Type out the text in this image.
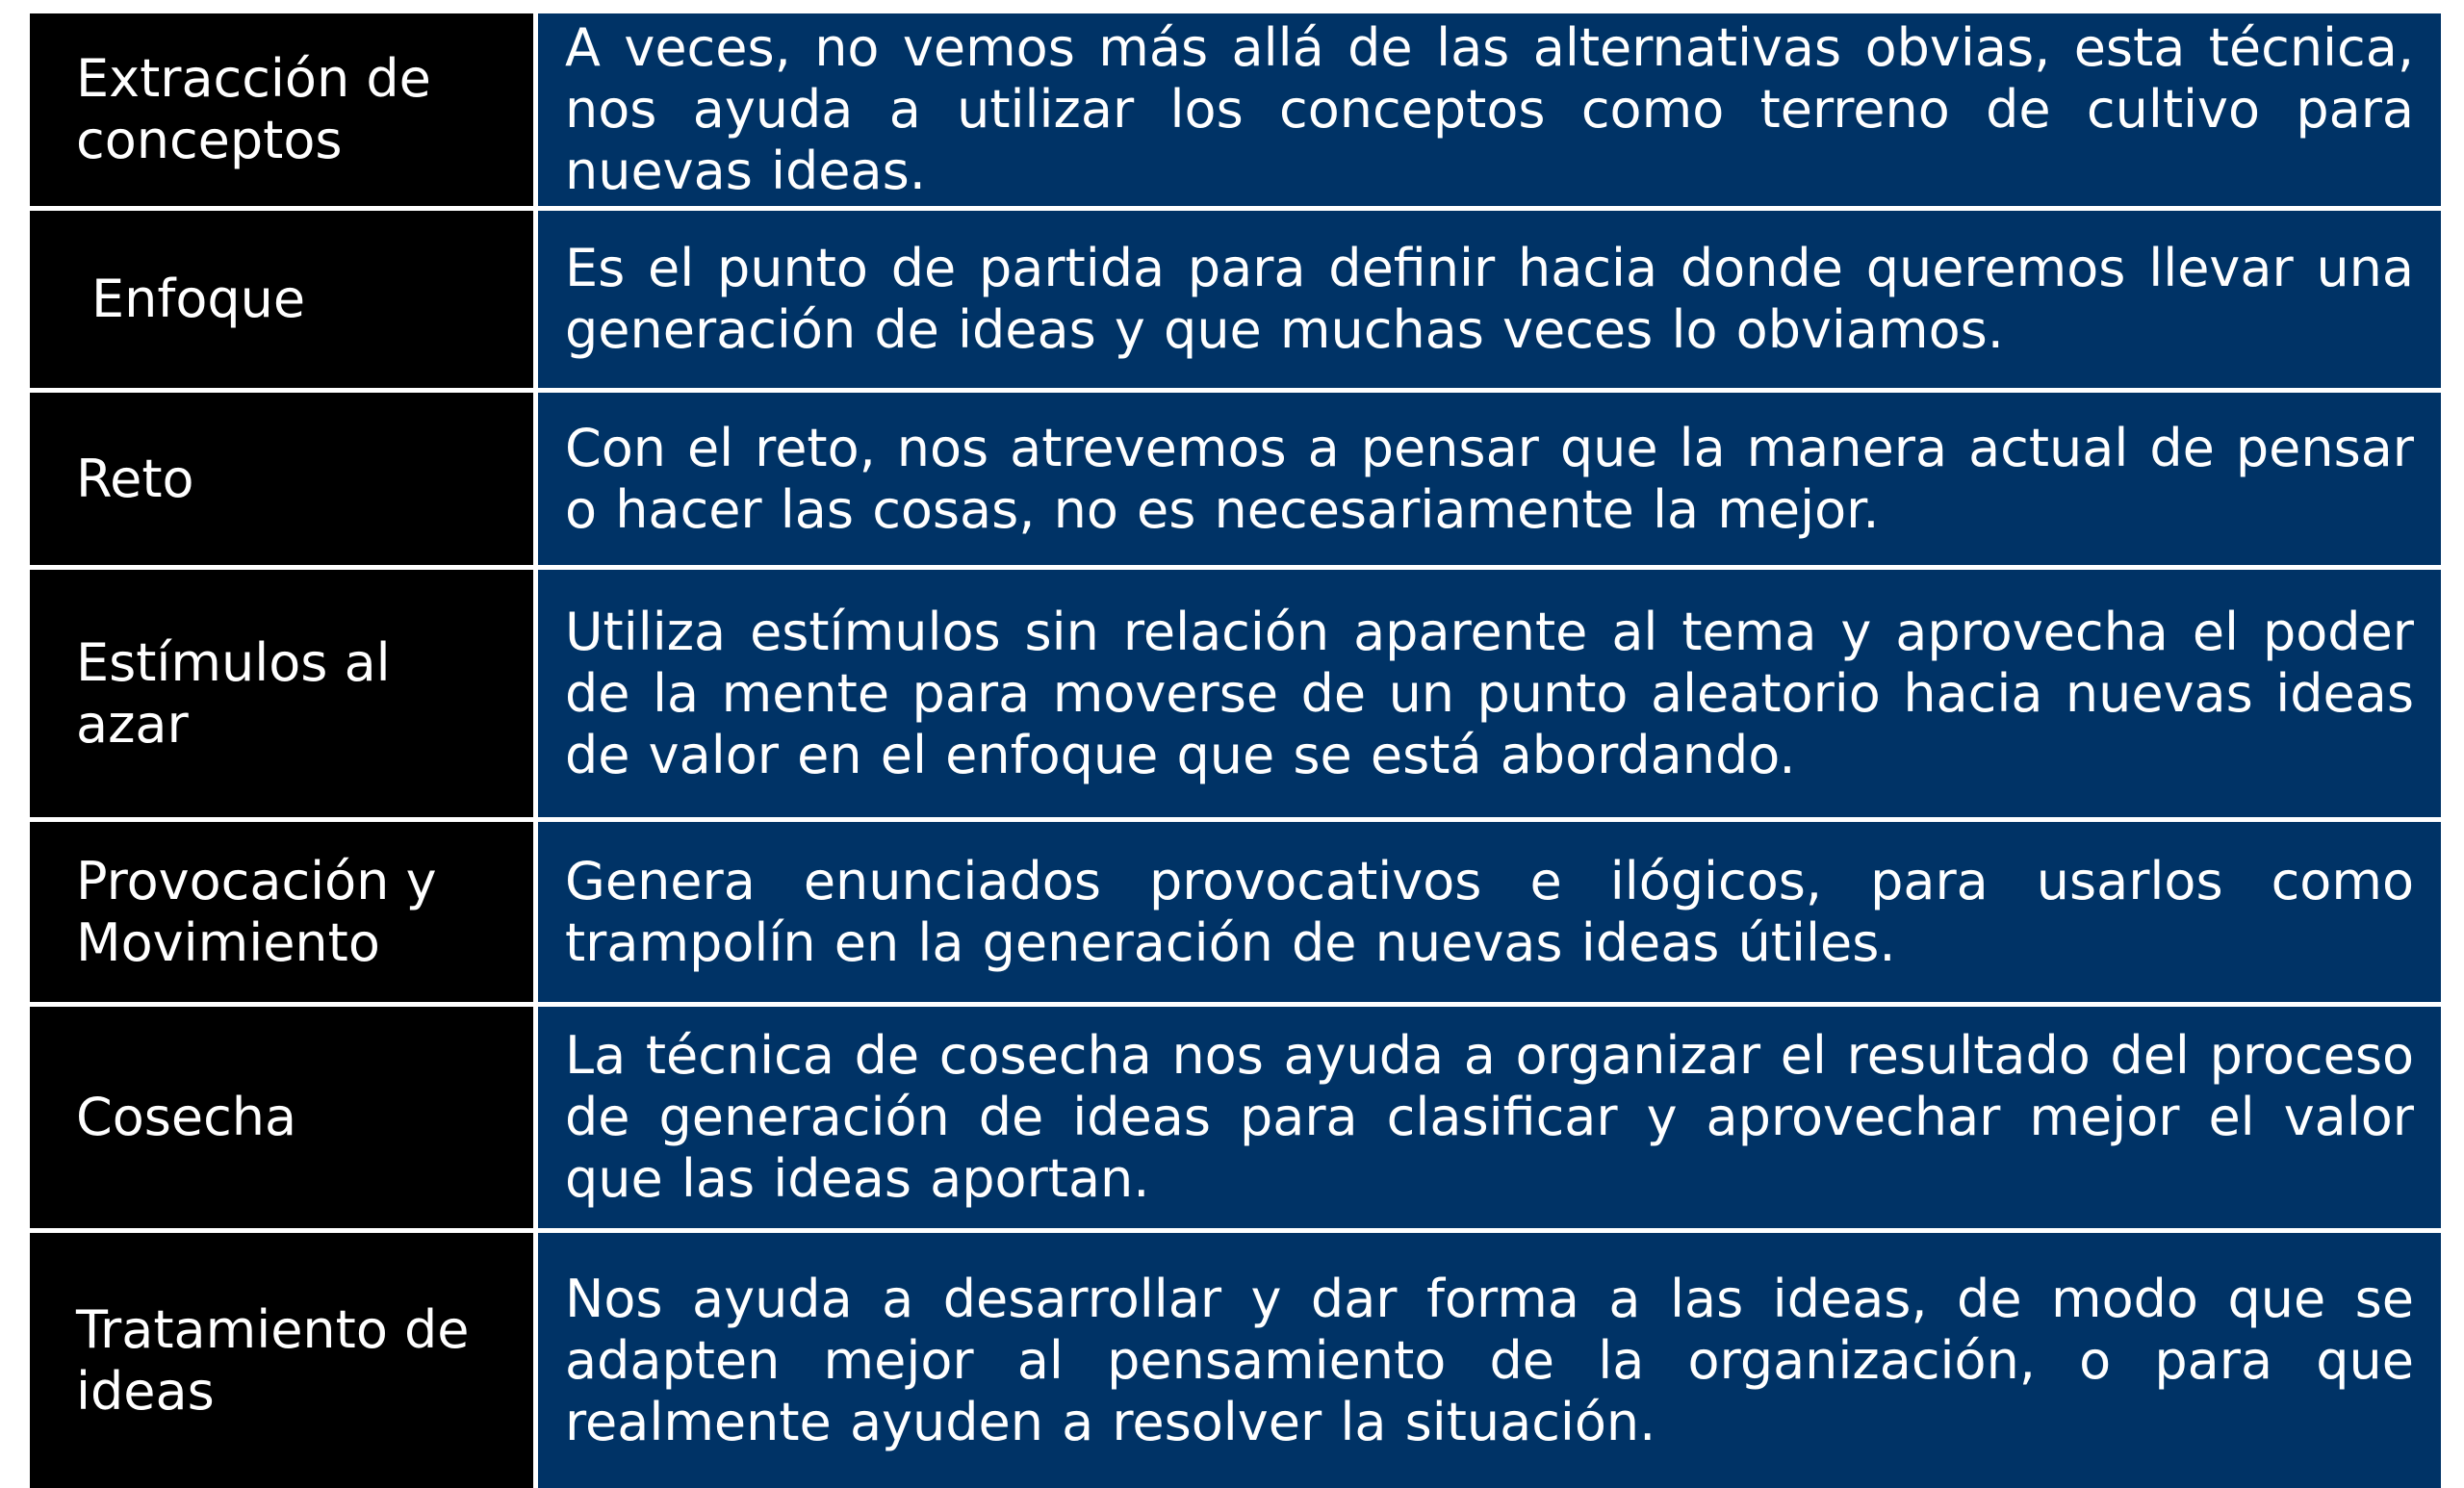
Extracción de conceptos
A veces, no vemos más allá de las alternativas obvias, esta técnica, nos ayuda a utilizar los conceptos como terreno de cultivo para nuevas ideas.
Enfoque
Es el punto de partida para definir hacia donde queremos llevar una generación de ideas y que muchas veces lo obviamos.
Reto
Con el reto, nos atrevemos a pensar que la manera actual de pensar o hacer las cosas, no es necesariamente la mejor.
Estímulos al azar
Utiliza estímulos sin relación aparente al tema y aprovecha el poder de la mente para moverse de un punto aleatorio hacia nuevas ideas de valor en el enfoque que se está abordando.
Provocación y Movimiento
Genera enunciados provocativos e ilógicos, para usarlos como trampolín en la generación de nuevas ideas útiles.
Cosecha
La técnica de cosecha nos ayuda a organizar el resultado del proceso de generación de ideas para clasificar y aprovechar mejor el valor que las ideas aportan.
Tratamiento de ideas
Nos ayuda a desarrollar y dar forma a las ideas, de modo que se adapten mejor al pensamiento de la organización, o para que realmente ayuden a resolver la situación.
